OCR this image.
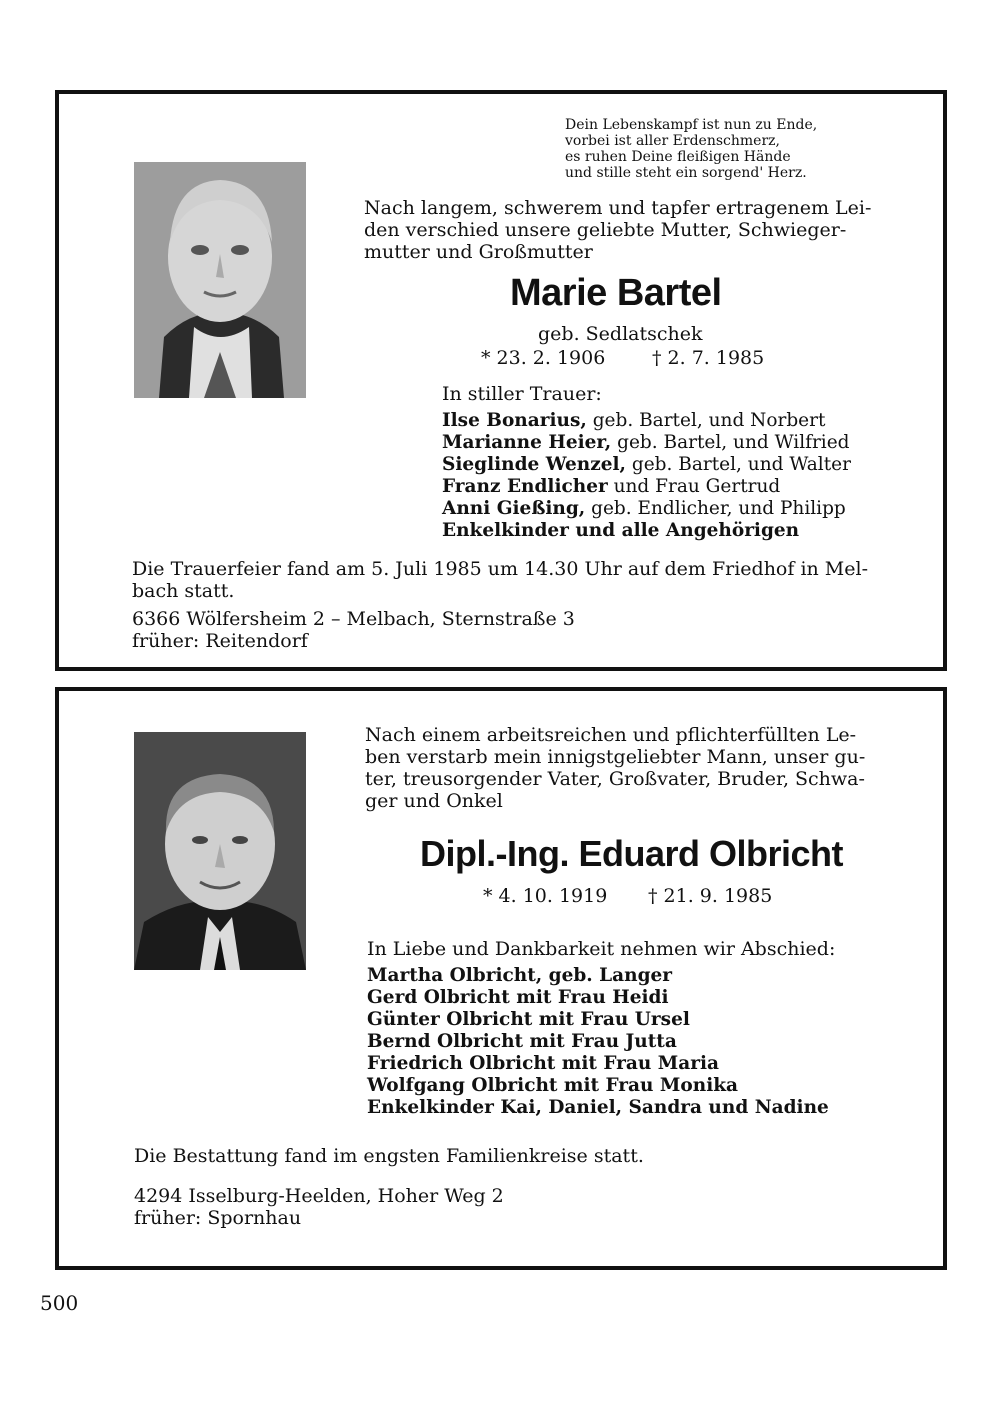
Dein Lebenskampf ist nun zu Ende,
vorbei ist aller Erdenschmerz,
es ruhen Deine fleißigen Hände
und stille steht ein sorgend' Herz.
Nach langem, schwerem und tapfer ertragenem Lei-
den verschied unsere geliebte Mutter, Schwieger-
mutter und Großmutter
Marie Bartel
geb. Sedlatschek
* 23. 2. 1906 † 2. 7. 1985
In stiller Trauer:
Ilse Bonarius, geb. Bartel, und Norbert
Marianne Heier, geb. Bartel, und Wilfried
Sieglinde Wenzel, geb. Bartel, und Walter
Franz Endlicher und Frau Gertrud
Anni Gießing, geb. Endlicher, und Philipp
Enkelkinder und alle Angehörigen
Die Trauerfeier fand am 5. Juli 1985 um 14.30 Uhr auf dem Friedhof in Mel-
bach statt.
6366 Wölfersheim 2 – Melbach, Sternstraße 3
früher: Reitendorf
Nach einem arbeitsreichen und pflichterfüllten Le-
ben verstarb mein innigstgeliebter Mann, unser gu-
ter, treusorgender Vater, Großvater, Bruder, Schwa-
ger und Onkel
Dipl.-Ing. Eduard Olbricht
* 4. 10. 1919 † 21. 9. 1985
In Liebe und Dankbarkeit nehmen wir Abschied:
Martha Olbricht, geb. Langer
Gerd Olbricht mit Frau Heidi
Günter Olbricht mit Frau Ursel
Bernd Olbricht mit Frau Jutta
Friedrich Olbricht mit Frau Maria
Wolfgang Olbricht mit Frau Monika
Enkelkinder Kai, Daniel, Sandra und Nadine
Die Bestattung fand im engsten Familienkreise statt.
4294 Isselburg-Heelden, Hoher Weg 2
früher: Spornhau
500
